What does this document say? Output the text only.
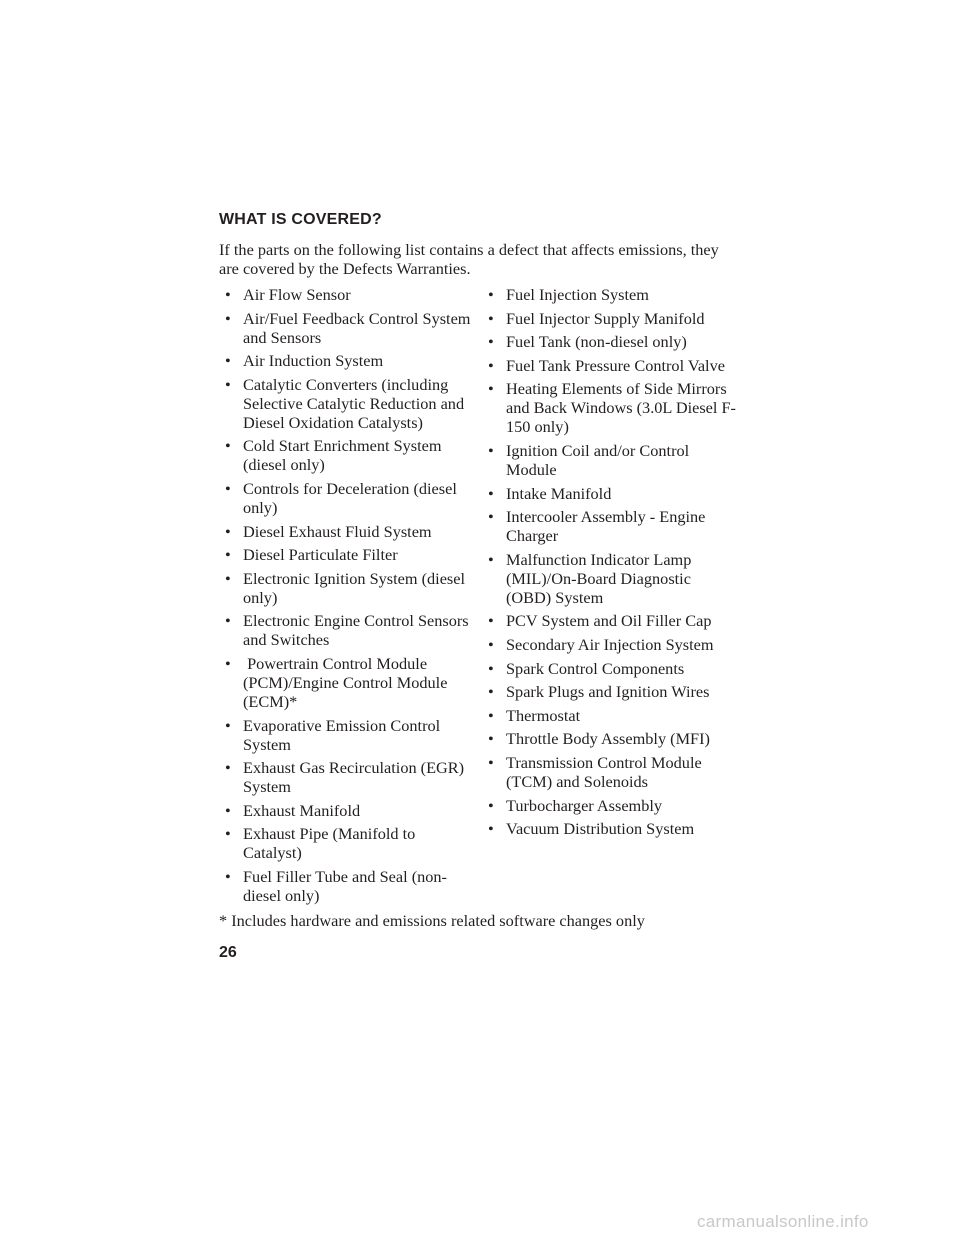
WHAT IS COVERED?

If the parts on the following list contains a defect that affects emissions, they are covered by the Defects Warranties.

• Air Flow Sensor
• Air/Fuel Feedback Control System and Sensors
• Air Induction System
• Catalytic Converters (including Selective Catalytic Reduction and Diesel Oxidation Catalysts)
• Cold Start Enrichment System (diesel only)
• Controls for Deceleration (diesel only)
• Diesel Exhaust Fluid System
• Diesel Particulate Filter
• Electronic Ignition System (diesel only)
• Electronic Engine Control Sensors and Switches
• Powertrain Control Module (PCM)/Engine Control Module (ECM)*
• Evaporative Emission Control System
• Exhaust Gas Recirculation (EGR) System
• Exhaust Manifold
• Exhaust Pipe (Manifold to Catalyst)
• Fuel Filler Tube and Seal (non-diesel only)
• Fuel Injection System
• Fuel Injector Supply Manifold
• Fuel Tank (non-diesel only)
• Fuel Tank Pressure Control Valve
• Heating Elements of Side Mirrors and Back Windows (3.0L Diesel F-150 only)
• Ignition Coil and/or Control Module
• Intake Manifold
• Intercooler Assembly - Engine Charger
• Malfunction Indicator Lamp (MIL)/On-Board Diagnostic (OBD) System
• PCV System and Oil Filler Cap
• Secondary Air Injection System
• Spark Control Components
• Spark Plugs and Ignition Wires
• Thermostat
• Throttle Body Assembly (MFI)
• Transmission Control Module (TCM) and Solenoids
• Turbocharger Assembly
• Vacuum Distribution System

* Includes hardware and emissions related software changes only

26

carmanualsonline.info
